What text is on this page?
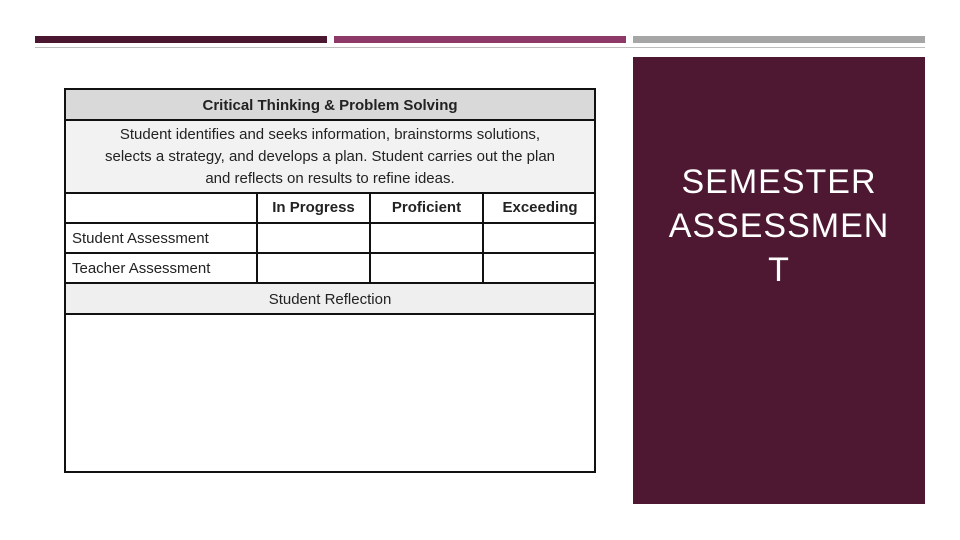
Critical Thinking & Problem Solving
Student identifies and seeks information, brainstorms solutions,
selects a strategy, and develops a plan. Student carries out the plan
and reflects on results to refine ideas.
In Progress	Proficient	Exceeding
Student Assessment
Teacher Assessment
Student Reflection
SEMESTER
ASSESSMEN
T
